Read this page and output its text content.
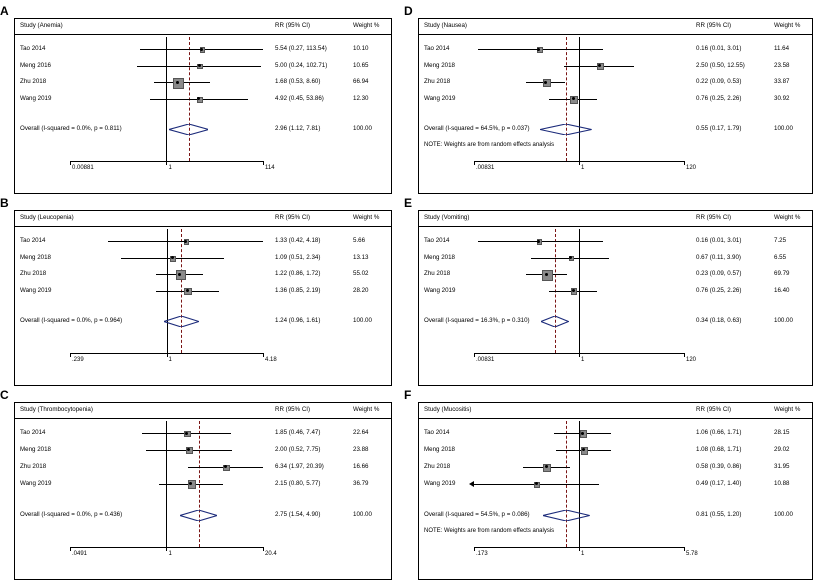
A
Study (Anemia)	RR (95% CI)	Weight %
Tao 2014	5.54 (0.27, 113.54)	10.10
Meng 2016	5.00 (0.24, 102.71)	10.65
Zhu 2018	1.68 (0.53, 8.60)	66.94
Wang 2019	4.92 (0.45, 53.86)	12.30
Overall (I-squared = 0.0%, p = 0.811)	2.96 (1.12, 7.81)	100.00
0.00881	1	114
B
Study (Leucopenia)	RR (95% CI)	Weight %
Tao 2014	1.33 (0.42, 4.18)	5.66
Meng 2018	1.09 (0.51, 2.34)	13.13
Zhu 2018	1.22 (0.86, 1.72)	55.02
Wang 2019	1.36 (0.85, 2.19)	28.20
Overall (I-squared = 0.0%, p = 0.964)	1.24 (0.96, 1.61)	100.00
.239	1	4.18
C
Study (Thrombocytopenia)	RR (95% CI)	Weight %
Tao 2014	1.85 (0.46, 7.47)	22.64
Meng 2018	2.00 (0.52, 7.75)	23.88
Zhu 2018	6.34 (1.97, 20.39)	16.66
Wang 2019	2.15 (0.80, 5.77)	36.79
Overall (I-squared = 0.0%, p = 0.436)	2.75 (1.54, 4.90)	100.00
.0491	1	20.4
D
Study (Nausea)	RR (95% CI)	Weight %
Tao 2014	0.16 (0.01, 3.01)	11.64
Meng 2018	2.50 (0.50, 12.55)	23.58
Zhu 2018	0.22 (0.09, 0.53)	33.87
Wang 2019	0.76 (0.25, 2.26)	30.92
Overall (I-squared = 64.5%, p = 0.037)	0.55 (0.17, 1.79)	100.00
NOTE: Weights are from random effects analysis
.00831	1	120
E
Study (Vomiting)	RR (95% CI)	Weight %
Tao 2014	0.16 (0.01, 3.01)	7.25
Meng 2018	0.67 (0.11, 3.90)	6.55
Zhu 2018	0.23 (0.09, 0.57)	69.79
Wang 2019	0.76 (0.25, 2.26)	16.40
Overall (I-squared = 16.3%, p = 0.310)	0.34 (0.18, 0.63)	100.00
.00831	1	120
F
Study (Mucositis)	RR (95% CI)	Weight %
Tao 2014	1.06 (0.66, 1.71)	28.15
Meng 2018	1.08 (0.68, 1.71)	29.02
Zhu 2018	0.58 (0.39, 0.86)	31.95
Wang 2019	0.49 (0.17, 1.40)	10.88
Overall (I-squared = 54.5%, p = 0.086)	0.81 (0.55, 1.20)	100.00
NOTE: Weights are from random effects analysis
.173	1	5.78
